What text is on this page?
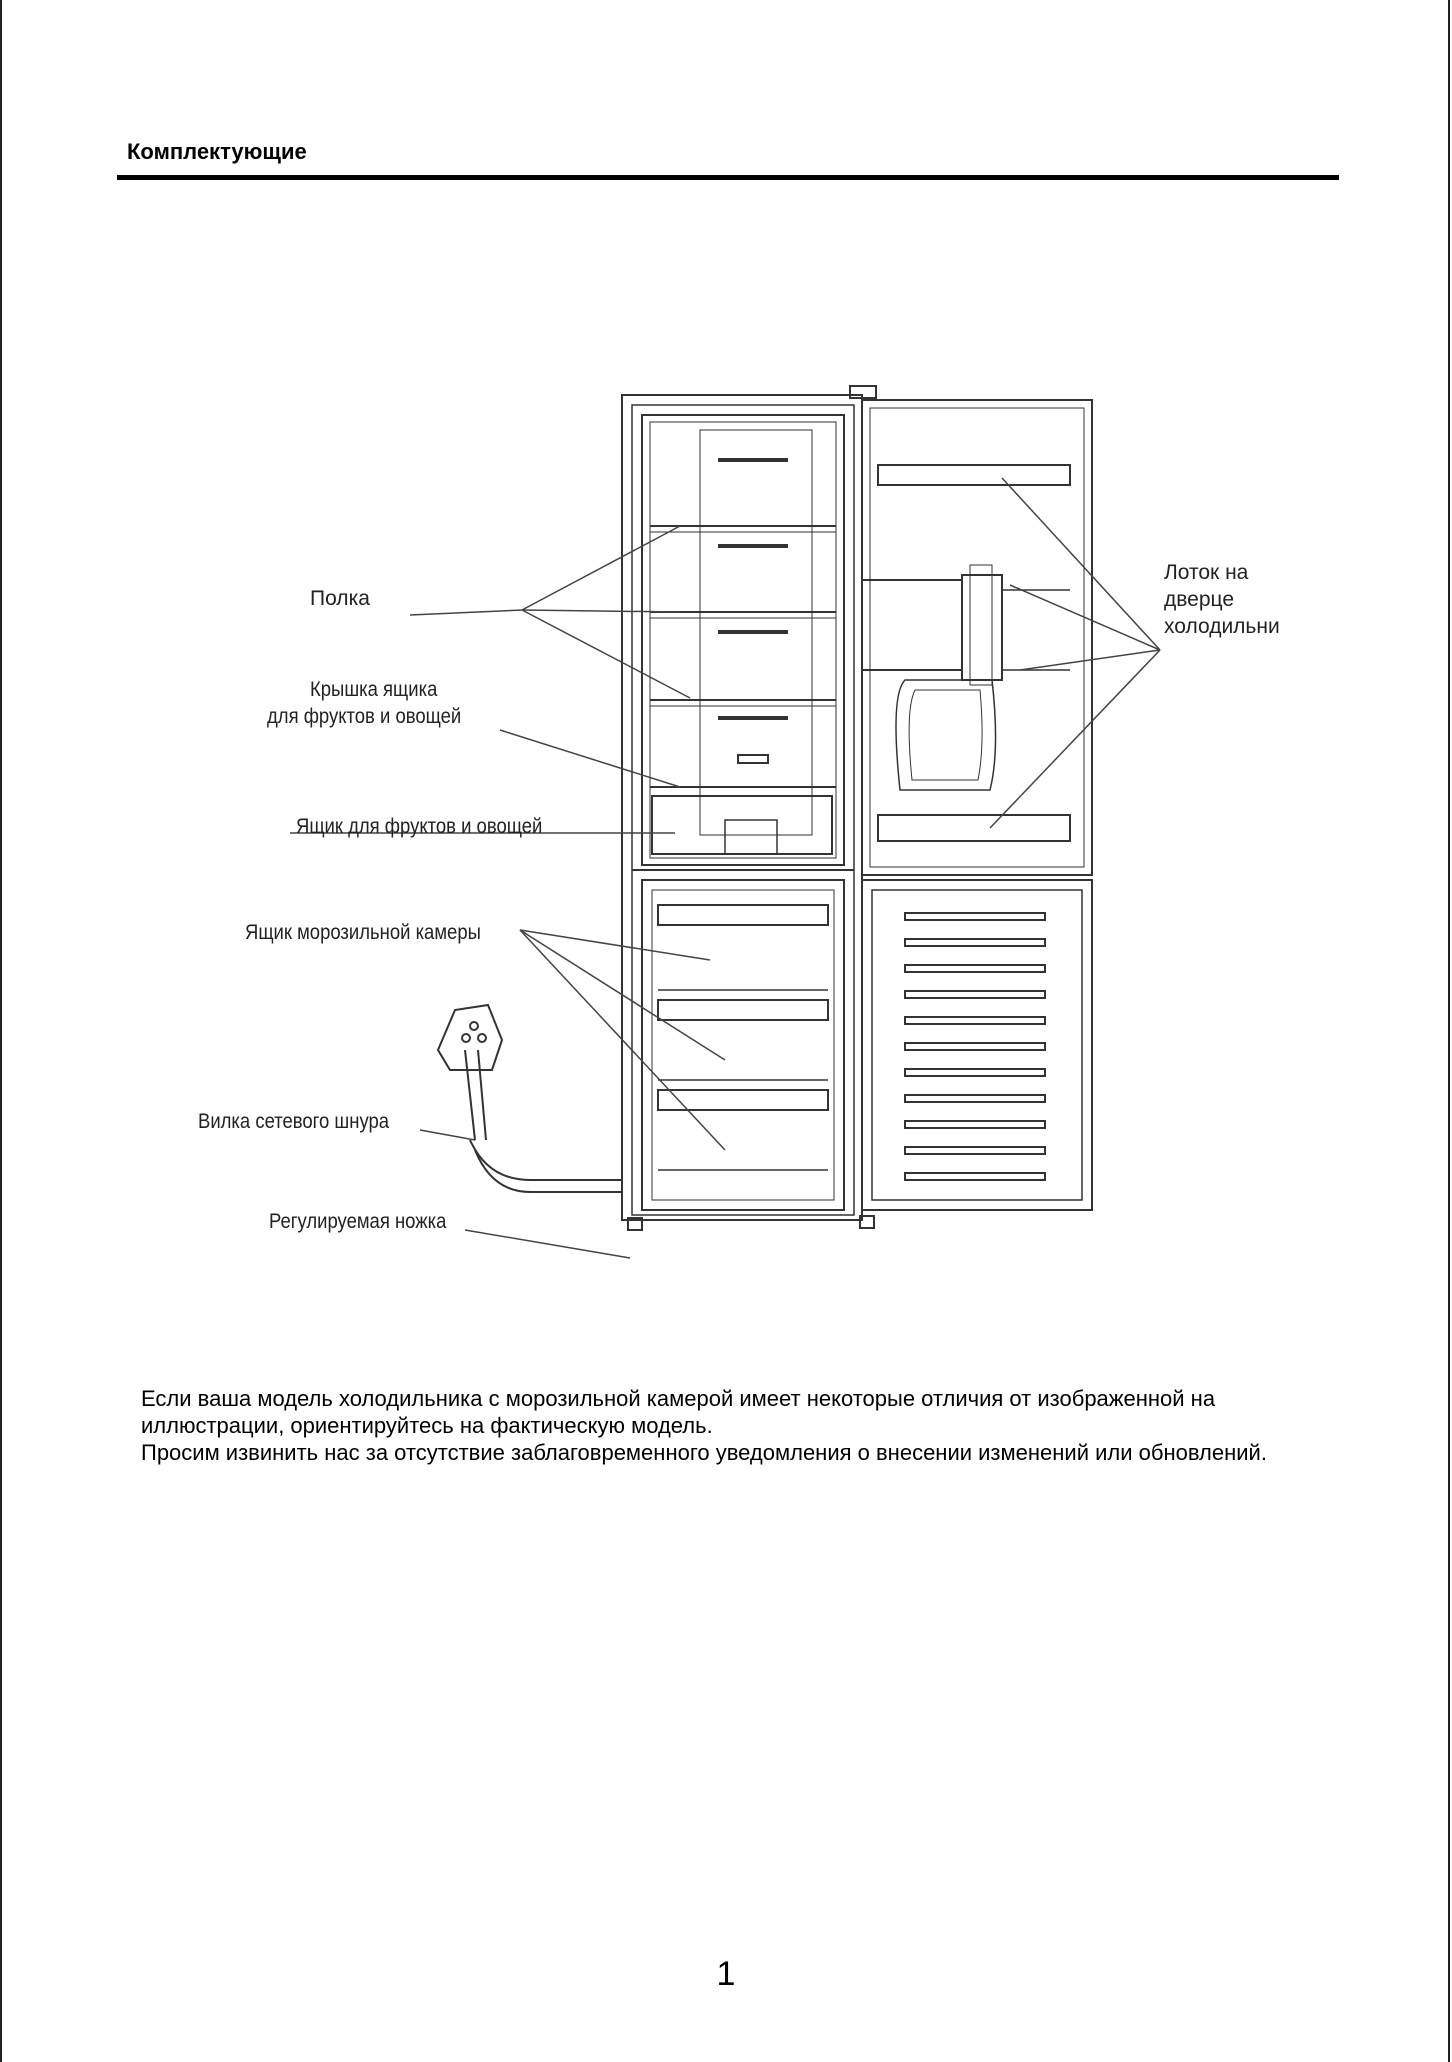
Комплектующие
Полка
Лоток на
дверце
холодильни
Крышка ящика
для фруктов и овощей
Ящик для фруктов и овощей
Ящик морозильной камеры
Вилка сетевого шнура
Регулируемая ножка

Если ваша модель холодильника с морозильной камерой имеет некоторые отличия от изображенной на иллюстрации, ориентируйтесь на фактическую модель.

Просим извинить нас за отсутствие заблаговременного уведомления о внесении изменений или обновлений.

1
